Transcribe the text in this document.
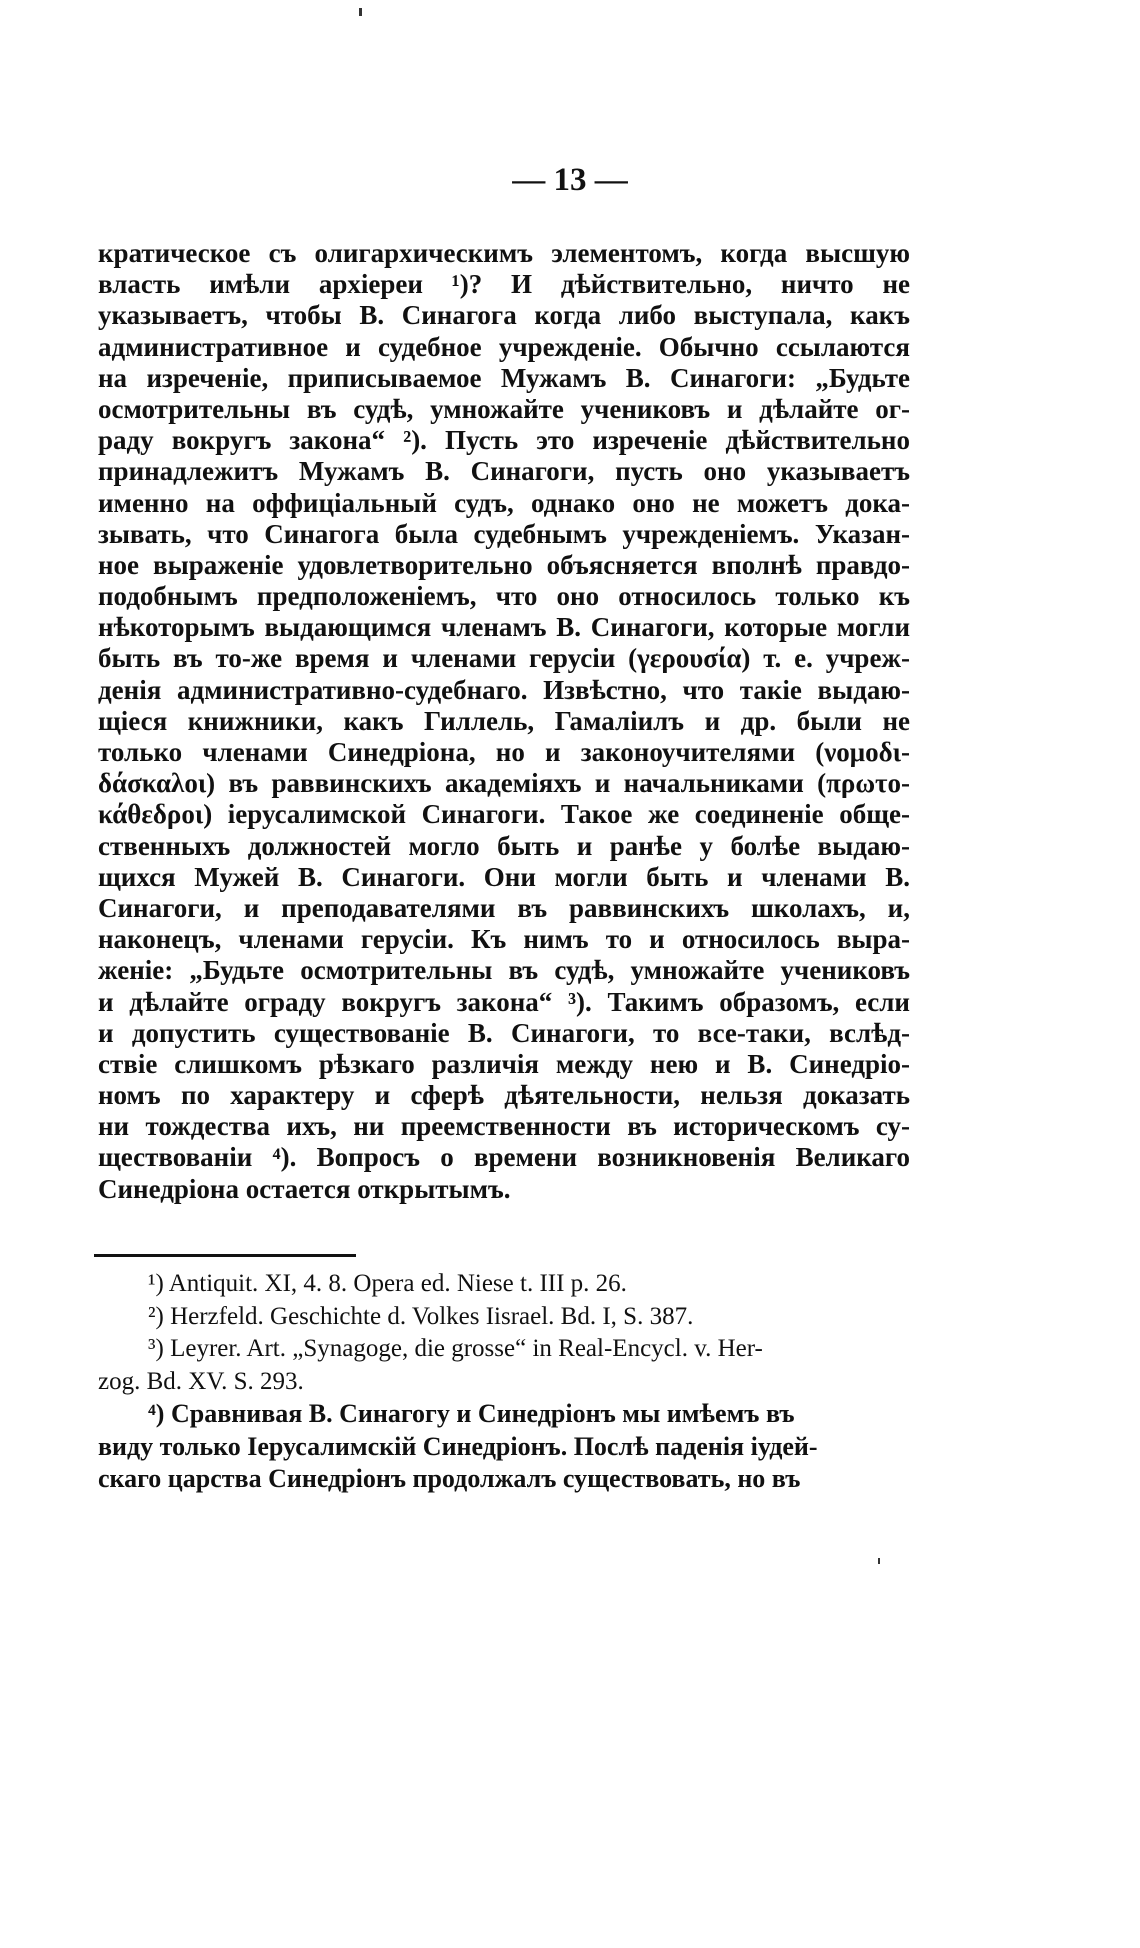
— 13 —
кратическое съ олигархическимъ элементомъ, когда высшую
власть имѣли архіереи ¹)? И дѣйствительно, ничто не
указываетъ, чтобы В. Синагога когда либо выступала, какъ
административное и судебное учрежденіе. Обычно ссылаются
на изреченіе, приписываемое Мужамъ В. Синагоги: „Будьте
осмотрительны въ судѣ, умножайте учениковъ и дѣлайте ог-
раду вокругъ закона“ ²). Пусть это изреченіе дѣйствительно
принадлежитъ Мужамъ В. Синагоги, пусть оно указываетъ
именно на оффиціальный судъ, однако оно не можетъ дока-
зывать, что Синагога была судебнымъ учрежденіемъ. Указан-
ное выраженіе удовлетворительно объясняется вполнѣ правдо-
подобнымъ предположеніемъ, что оно относилось только къ
нѣкоторымъ выдающимся членамъ В. Синагоги, которые могли
быть въ то-же время и членами герусіи (γερουσία) т. е. учреж-
денія административно-судебнаго. Извѣстно, что такіе выдаю-
щіеся книжники, какъ Гиллель, Гамаліилъ и др. были не
только членами Синедріона, но и законоучителями (νομοδι-
δάσκαλοι) въ раввинскихъ академіяхъ и начальниками (πρωτο-
κάθεδροι) іерусалимской Синагоги. Такое же соединеніе обще-
ственныхъ должностей могло быть и ранѣе у болѣе выдаю-
щихся Мужей В. Синагоги. Они могли быть и членами В.
Синагоги, и преподавателями въ раввинскихъ школахъ, и,
наконецъ, членами герусіи. Къ нимъ то и относилось выра-
женіе: „Будьте осмотрительны въ судѣ, умножайте учениковъ
и дѣлайте ограду вокругъ закона“ ³). Такимъ образомъ, если
и допустить существованіе В. Синагоги, то все-таки, вслѣд-
ствіе слишкомъ рѣзкаго различія между нею и В. Синедріо-
номъ по характеру и сферѣ дѣятельности, нельзя доказать
ни тождества ихъ, ни преемственности въ историческомъ су-
ществованіи ⁴). Вопросъ о времени возникновенія Великаго
Синедріона остается открытымъ.
¹) Antiquit. XI, 4. 8. Opera ed. Niese t. III p. 26.
²) Herzfeld. Geschichte d. Volkes Iisrael. Bd. I, S. 387.
³) Leyrer. Art. „Synagoge, die grosse“ in Real-Encycl. v. Her-
zog. Bd. XV. S. 293.
⁴) Сравнивая В. Синагогу и Синедріонъ мы имѣемъ въ
виду только Іерусалимскій Синедріонъ. Послѣ паденія іудей-
скаго царства Синедріонъ продолжалъ существовать, но въ
